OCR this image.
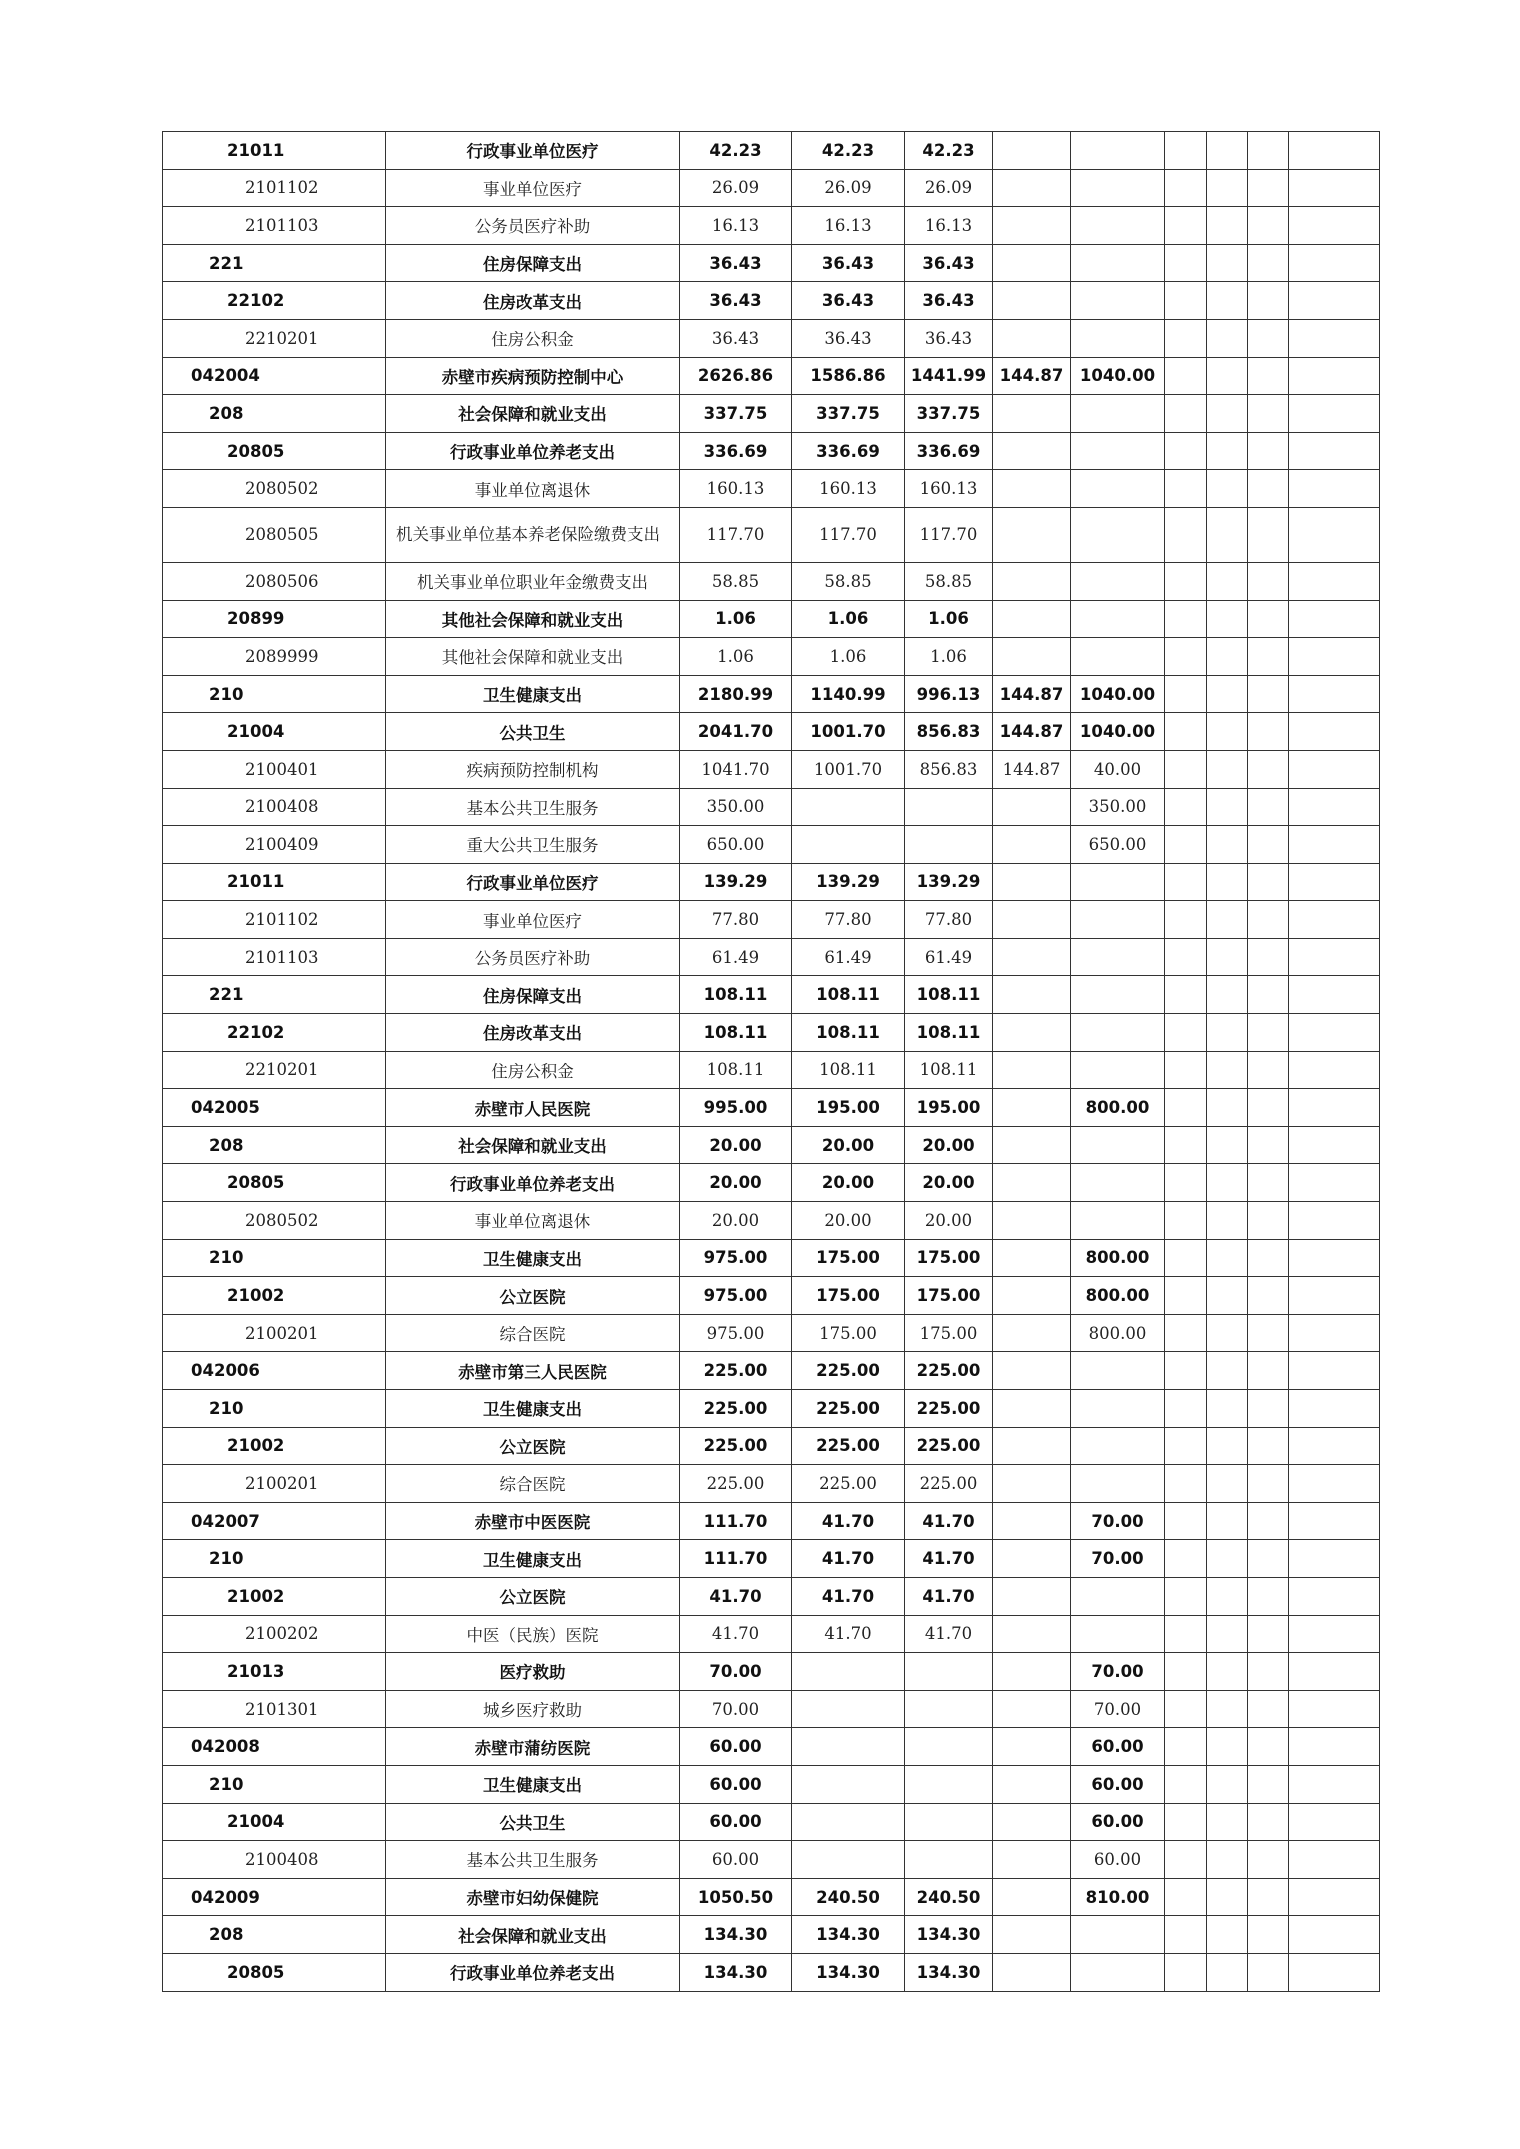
21011	行政事业单位医疗	42.23	42.23	42.23						
2101102	事业单位医疗	26.09	26.09	26.09						
2101103	公务员医疗补助	16.13	16.13	16.13						
221	住房保障支出	36.43	36.43	36.43						
22102	住房改革支出	36.43	36.43	36.43						
2210201	住房公积金	36.43	36.43	36.43						
042004	赤壁市疾病预防控制中心	2626.86	1586.86	1441.99	144.87	1040.00				
208	社会保障和就业支出	337.75	337.75	337.75						
20805	行政事业单位养老支出	336.69	336.69	336.69						
2080502	事业单位离退休	160.13	160.13	160.13						
2080505	机关事业单位基本养老保险缴费支出	117.70	117.70	117.70						
2080506	机关事业单位职业年金缴费支出	58.85	58.85	58.85						
20899	其他社会保障和就业支出	1.06	1.06	1.06						
2089999	其他社会保障和就业支出	1.06	1.06	1.06						
210	卫生健康支出	2180.99	1140.99	996.13	144.87	1040.00				
21004	公共卫生	2041.70	1001.70	856.83	144.87	1040.00				
2100401	疾病预防控制机构	1041.70	1001.70	856.83	144.87	40.00				
2100408	基本公共卫生服务	350.00				350.00				
2100409	重大公共卫生服务	650.00				650.00				
21011	行政事业单位医疗	139.29	139.29	139.29						
2101102	事业单位医疗	77.80	77.80	77.80						
2101103	公务员医疗补助	61.49	61.49	61.49						
221	住房保障支出	108.11	108.11	108.11						
22102	住房改革支出	108.11	108.11	108.11						
2210201	住房公积金	108.11	108.11	108.11						
042005	赤壁市人民医院	995.00	195.00	195.00		800.00				
208	社会保障和就业支出	20.00	20.00	20.00						
20805	行政事业单位养老支出	20.00	20.00	20.00						
2080502	事业单位离退休	20.00	20.00	20.00						
210	卫生健康支出	975.00	175.00	175.00		800.00				
21002	公立医院	975.00	175.00	175.00		800.00				
2100201	综合医院	975.00	175.00	175.00		800.00				
042006	赤壁市第三人民医院	225.00	225.00	225.00						
210	卫生健康支出	225.00	225.00	225.00						
21002	公立医院	225.00	225.00	225.00						
2100201	综合医院	225.00	225.00	225.00						
042007	赤壁市中医医院	111.70	41.70	41.70		70.00				
210	卫生健康支出	111.70	41.70	41.70		70.00				
21002	公立医院	41.70	41.70	41.70						
2100202	中医（民族）医院	41.70	41.70	41.70						
21013	医疗救助	70.00				70.00				
2101301	城乡医疗救助	70.00				70.00				
042008	赤壁市蒲纺医院	60.00				60.00				
210	卫生健康支出	60.00				60.00				
21004	公共卫生	60.00				60.00				
2100408	基本公共卫生服务	60.00				60.00				
042009	赤壁市妇幼保健院	1050.50	240.50	240.50		810.00				
208	社会保障和就业支出	134.30	134.30	134.30						
20805	行政事业单位养老支出	134.30	134.30	134.30						
